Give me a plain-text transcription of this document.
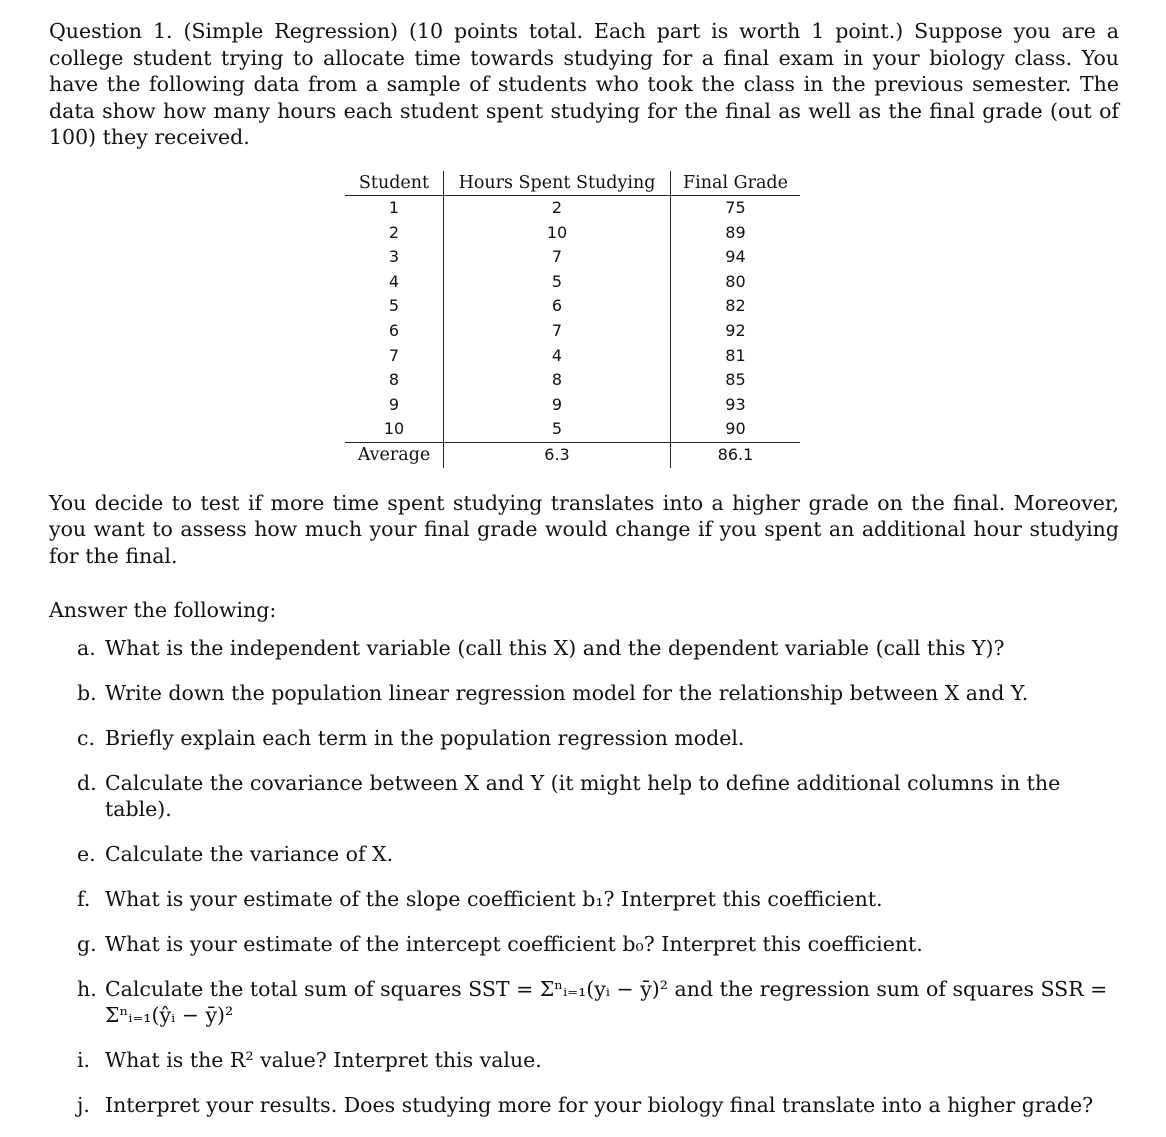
Question 1. (Simple Regression) (10 points total. Each part is worth 1 point.) Suppose you are a college student trying to allocate time towards studying for a final exam in your biology class. You have the following data from a sample of students who took the class in the previous semester. The data show how many hours each student spent studying for the final as well as the final grade (out of 100) they received.

Student	Hours Spent Studying	Final Grade
1	2	75
2	10	89
3	7	94
4	5	80
5	6	82
6	7	92
7	4	81
8	8	85
9	9	93
10	5	90
Average	6.3	86.1

You decide to test if more time spent studying translates into a higher grade on the final. Moreover, you want to assess how much your final grade would change if you spent an additional hour studying for the final.

Answer the following:

a. What is the independent variable (call this X) and the dependent variable (call this Y)?
b. Write down the population linear regression model for the relationship between X and Y.
c. Briefly explain each term in the population regression model.
d. Calculate the covariance between X and Y (it might help to define additional columns in the table).
e. Calculate the variance of X.
f. What is your estimate of the slope coefficient b₁? Interpret this coefficient.
g. What is your estimate of the intercept coefficient b₀? Interpret this coefficient.
h. Calculate the total sum of squares SST = Σⁿᵢ₌₁(yᵢ − ȳ)² and the regression sum of squares SSR = Σⁿᵢ₌₁(ŷᵢ − ȳ)²
i. What is the R² value? Interpret this value.
j. Interpret your results. Does studying more for your biology final translate into a higher grade?
